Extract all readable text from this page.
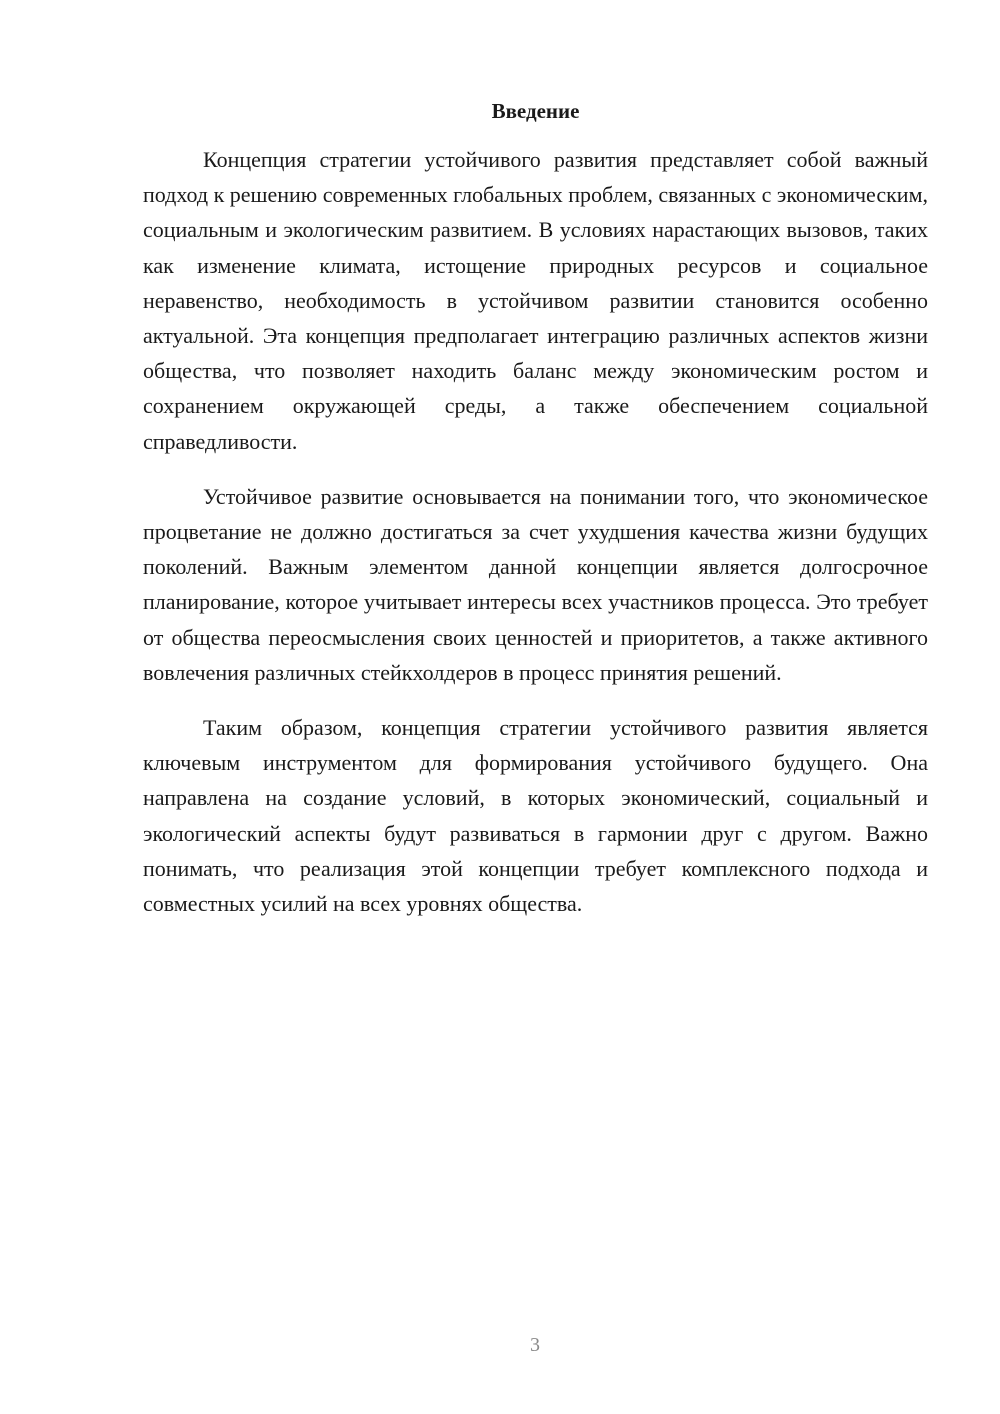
Введение

Концепция стратегии устойчивого развития представляет собой важный подход к решению современных глобальных проблем, связанных с экономическим, социальным и экологическим развитием. В условиях нарастающих вызовов, таких как изменение климата, истощение природных ресурсов и социальное неравенство, необходимость в устойчивом развитии становится особенно актуальной. Эта концепция предполагает интеграцию различных аспектов жизни общества, что позволяет находить баланс между экономическим ростом и сохранением окружающей среды, а также обеспечением социальной справедливости.

Устойчивое развитие основывается на понимании того, что экономическое процветание не должно достигаться за счет ухудшения качества жизни будущих поколений. Важным элементом данной концепции является долгосрочное планирование, которое учитывает интересы всех участников процесса. Это требует от общества переосмысления своих ценностей и приоритетов, а также активного вовлечения различных стейкхолдеров в процесс принятия решений.

Таким образом, концепция стратегии устойчивого развития является ключевым инструментом для формирования устойчивого будущего. Она направлена на создание условий, в которых экономический, социальный и экологический аспекты будут развиваться в гармонии друг с другом. Важно понимать, что реализация этой концепции требует комплексного подхода и совместных усилий на всех уровнях общества.

3
